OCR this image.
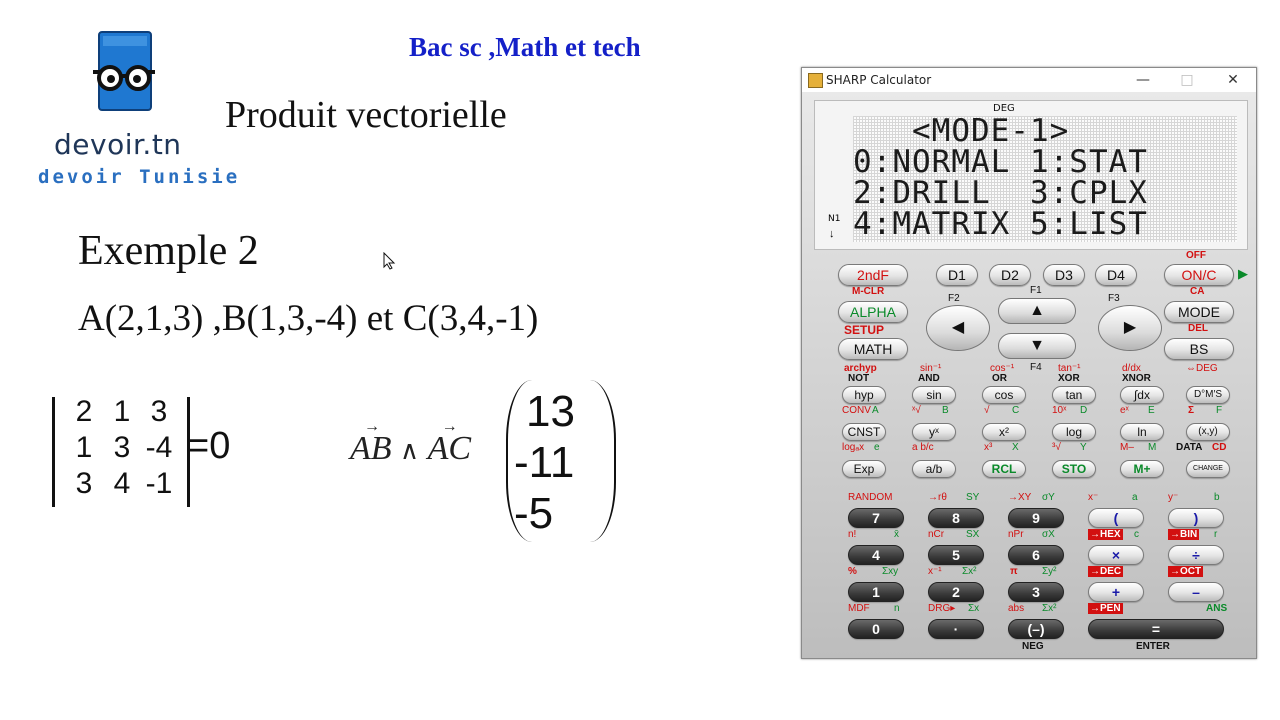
devoir.tn
devoir Tunisie
Bac sc ,Math et tech
Produit vectorielle
Exemple 2
A(2,1,3) ,B(1,3,-4) et C(3,4,-1)
2 1 3
1 3 -4
3 4 -1
=0	→
AB ∧
→
AC
13
-11
-5
SHARP Calculator	—	□	✕
DEG
N1
↓
<MODE-1>
0:NORMAL 1:STAT
2:DRILL  3:CPLX
4:MATRIX 5:LIST
2ndF
M-CLR
D1	D2	D3	D4
OFF
ON/C
CA
▶
ALPHA
SETUP
MATH
F2
F1
F3
F4
◀	▶
▲
▼
MODE
DEL
BS
archyp
NOT
sin⁻¹
AND
cos⁻¹
OR
tan⁻¹
XOR
d/dx
XNOR
⇔DEG
hyp	sin	cos	tan	∫dx	D°M′S
CONV A	ˣ√ B	√ C	10ˣ D	eˣ E	Σ F
CNST	yˣ	x²	log	ln	(x,y)
logₐx e	a b/c	x³ X	³√ Y	M– M DATA CD
Exp	a/b	RCL	STO	M+	CHANGE
RANDOM	→rθ SY	→XY σY	x⁻	a	y⁻	b
7	8	9	(	)
n!	x̄	nCr SX	nPr σX	→HEX c	→BIN r
4	5	6	×	÷
%	Σxy	x⁻¹ Σx²	π Σy²	→DEC	→OCT
1	2	3	+	–
MDF n	DRG▸ Σx	abs Σx²	→PEN	ANS
0	·	(–)
NEG
=
ENTER
